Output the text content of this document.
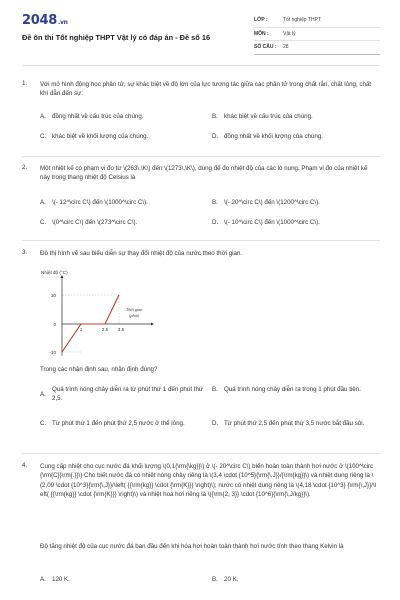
2048.vn
Đề ôn thi Tốt nghiệp THPT Vật lý có đáp án - Đề số 16
LỚP :	Tốt nghiệp THPT
MÔN :	Vật lý
SỐ CÂU :	28
1. Với mô hình động học phân tử, sự khác biệt về độ lớn của lực tương tác giữa các phân tử trong chất rắn, chất lỏng, chất khí dẫn đến sự:
A. đồng nhất về cấu trúc của chúng.	B. khác biệt về cấu trúc của chúng.
C. khác biệt về khối lượng của chúng.	D. đồng nhất về khối lượng của chúng.
2. Một nhiệt kế có phạm vi đo từ \(263\,\K\) đến \(1273\,\K\), dùng để đo nhiệt độ của các lò nung. Phạm vi đo của nhiệt kế này trong thang nhiệt độ Celsius là
A. \(- 12^\circ C\) đến \(1000^\circ C\).	B. \(- 20^\circ C\) đến \(1200^\circ C\).
C. \(0^\circ C\) đến \(273^\circ C\).	D. \(- 10^\circ C\) đến \(1000^\circ C\).
3. Đồ thị hình vẽ sau biểu diễn sự thay đổi nhiệt độ của nước theo thời gian.
Trong các nhận định sau, nhận định đúng?
A.
Quá trình nóng chảy diễn ra từ phút thứ 1 đến phút thứ 2,5.
B. Quá trình nóng chảy diễn ra trong 1 phút đầu tiên.
C. Từ phút thứ 1 đến phút thứ 2,5 nước ở thể lỏng.	D. Từ phút thứ 2,5 đến phút thứ 3,5 nước bắt đầu sôi.
Nhiệt độ (°C)
10
0
-10
1	2,5 3,5
Thời gian
(phút)
4. Cung cấp nhiệt cho cục nước đá khối lượng \(0,1{\rm{\kg}}\) ở \(- 20^\circ C\) biến hoàn toàn thành hơi nước ở \(100^\circ {\rm{C}}\rm{.}}\) Cho biết nước đá có nhiệt nóng chảy riêng là \(3,4 \cdot {10^5}{\rm{\,J}}/{\rm{kg}}\) và nhiệt dung riêng là \(2,09 \cdot {10^3}{\rm{\,J}}/\left( {{\rm{kg}} \cdot {\rm{K}}} \right)\); nước có nhiệt dung riêng là \(4,18 \cdot {10^3} {\rm{\,J}}/\left( {{\rm{kg}} \cdot {\rm{K}}} \right)\) và nhiệt hoá hơi riêng là \({\rm{2, 3}} \cdot {10^6}{\rm{\,J/kg}}\).
Độ tăng nhiệt độ của cục nước đá ban đầu đến khi hóa hơi hoàn toàn thành hơi nước tính theo thang Kelvin là
A. 120 K.	B. 20 K.
